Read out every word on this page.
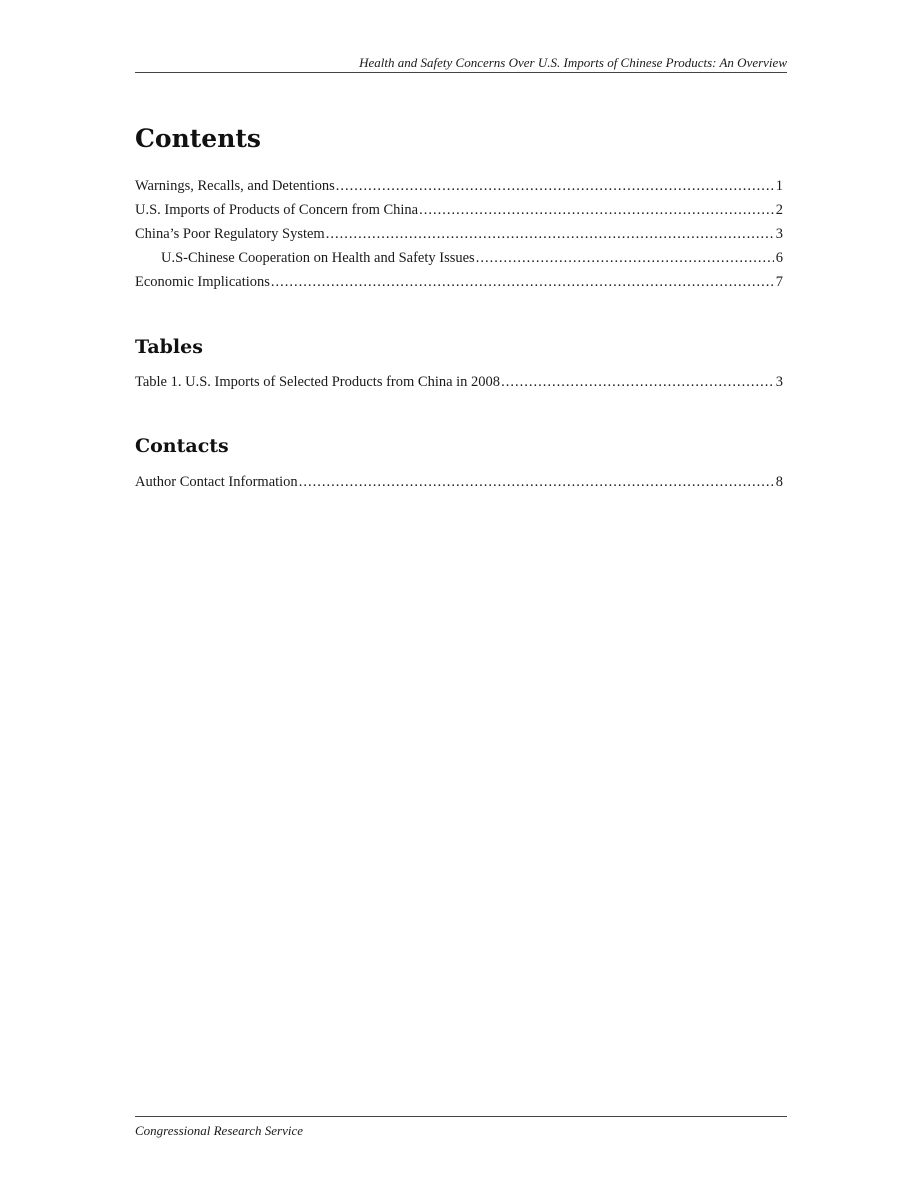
Health and Safety Concerns Over U.S. Imports of Chinese Products: An Overview
Contents
Warnings, Recalls, and Detentions .....	1
U.S. Imports of Products of Concern from China .....	2
China’s Poor Regulatory System .....	3
U.S-Chinese Cooperation on Health and Safety Issues .....	6
Economic Implications .....	7
Tables
Table 1. U.S. Imports of Selected Products from China in 2008 .....	3
Contacts
Author Contact Information .....	8
Congressional Research Service
